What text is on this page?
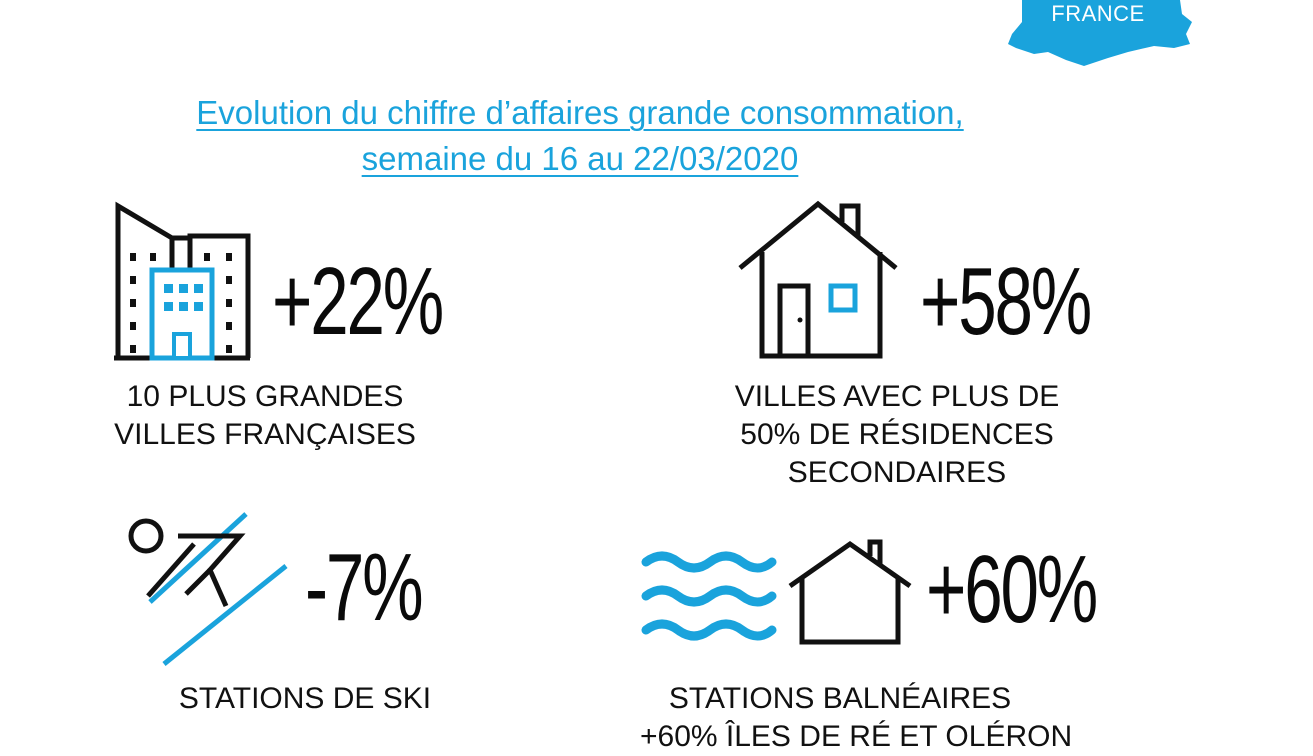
FRANCE
Evolution du chiffre d’affaires grande consommation,
semaine du 16 au 22/03/2020
+22%
10 PLUS GRANDES
VILLES FRANÇAISES
+58%
VILLES AVEC PLUS DE
50% DE RÉSIDENCES
SECONDAIRES
-7%
STATIONS DE SKI
+60%
STATIONS BALNÉAIRES
+60% ÎLES DE RÉ ET OLÉRON
